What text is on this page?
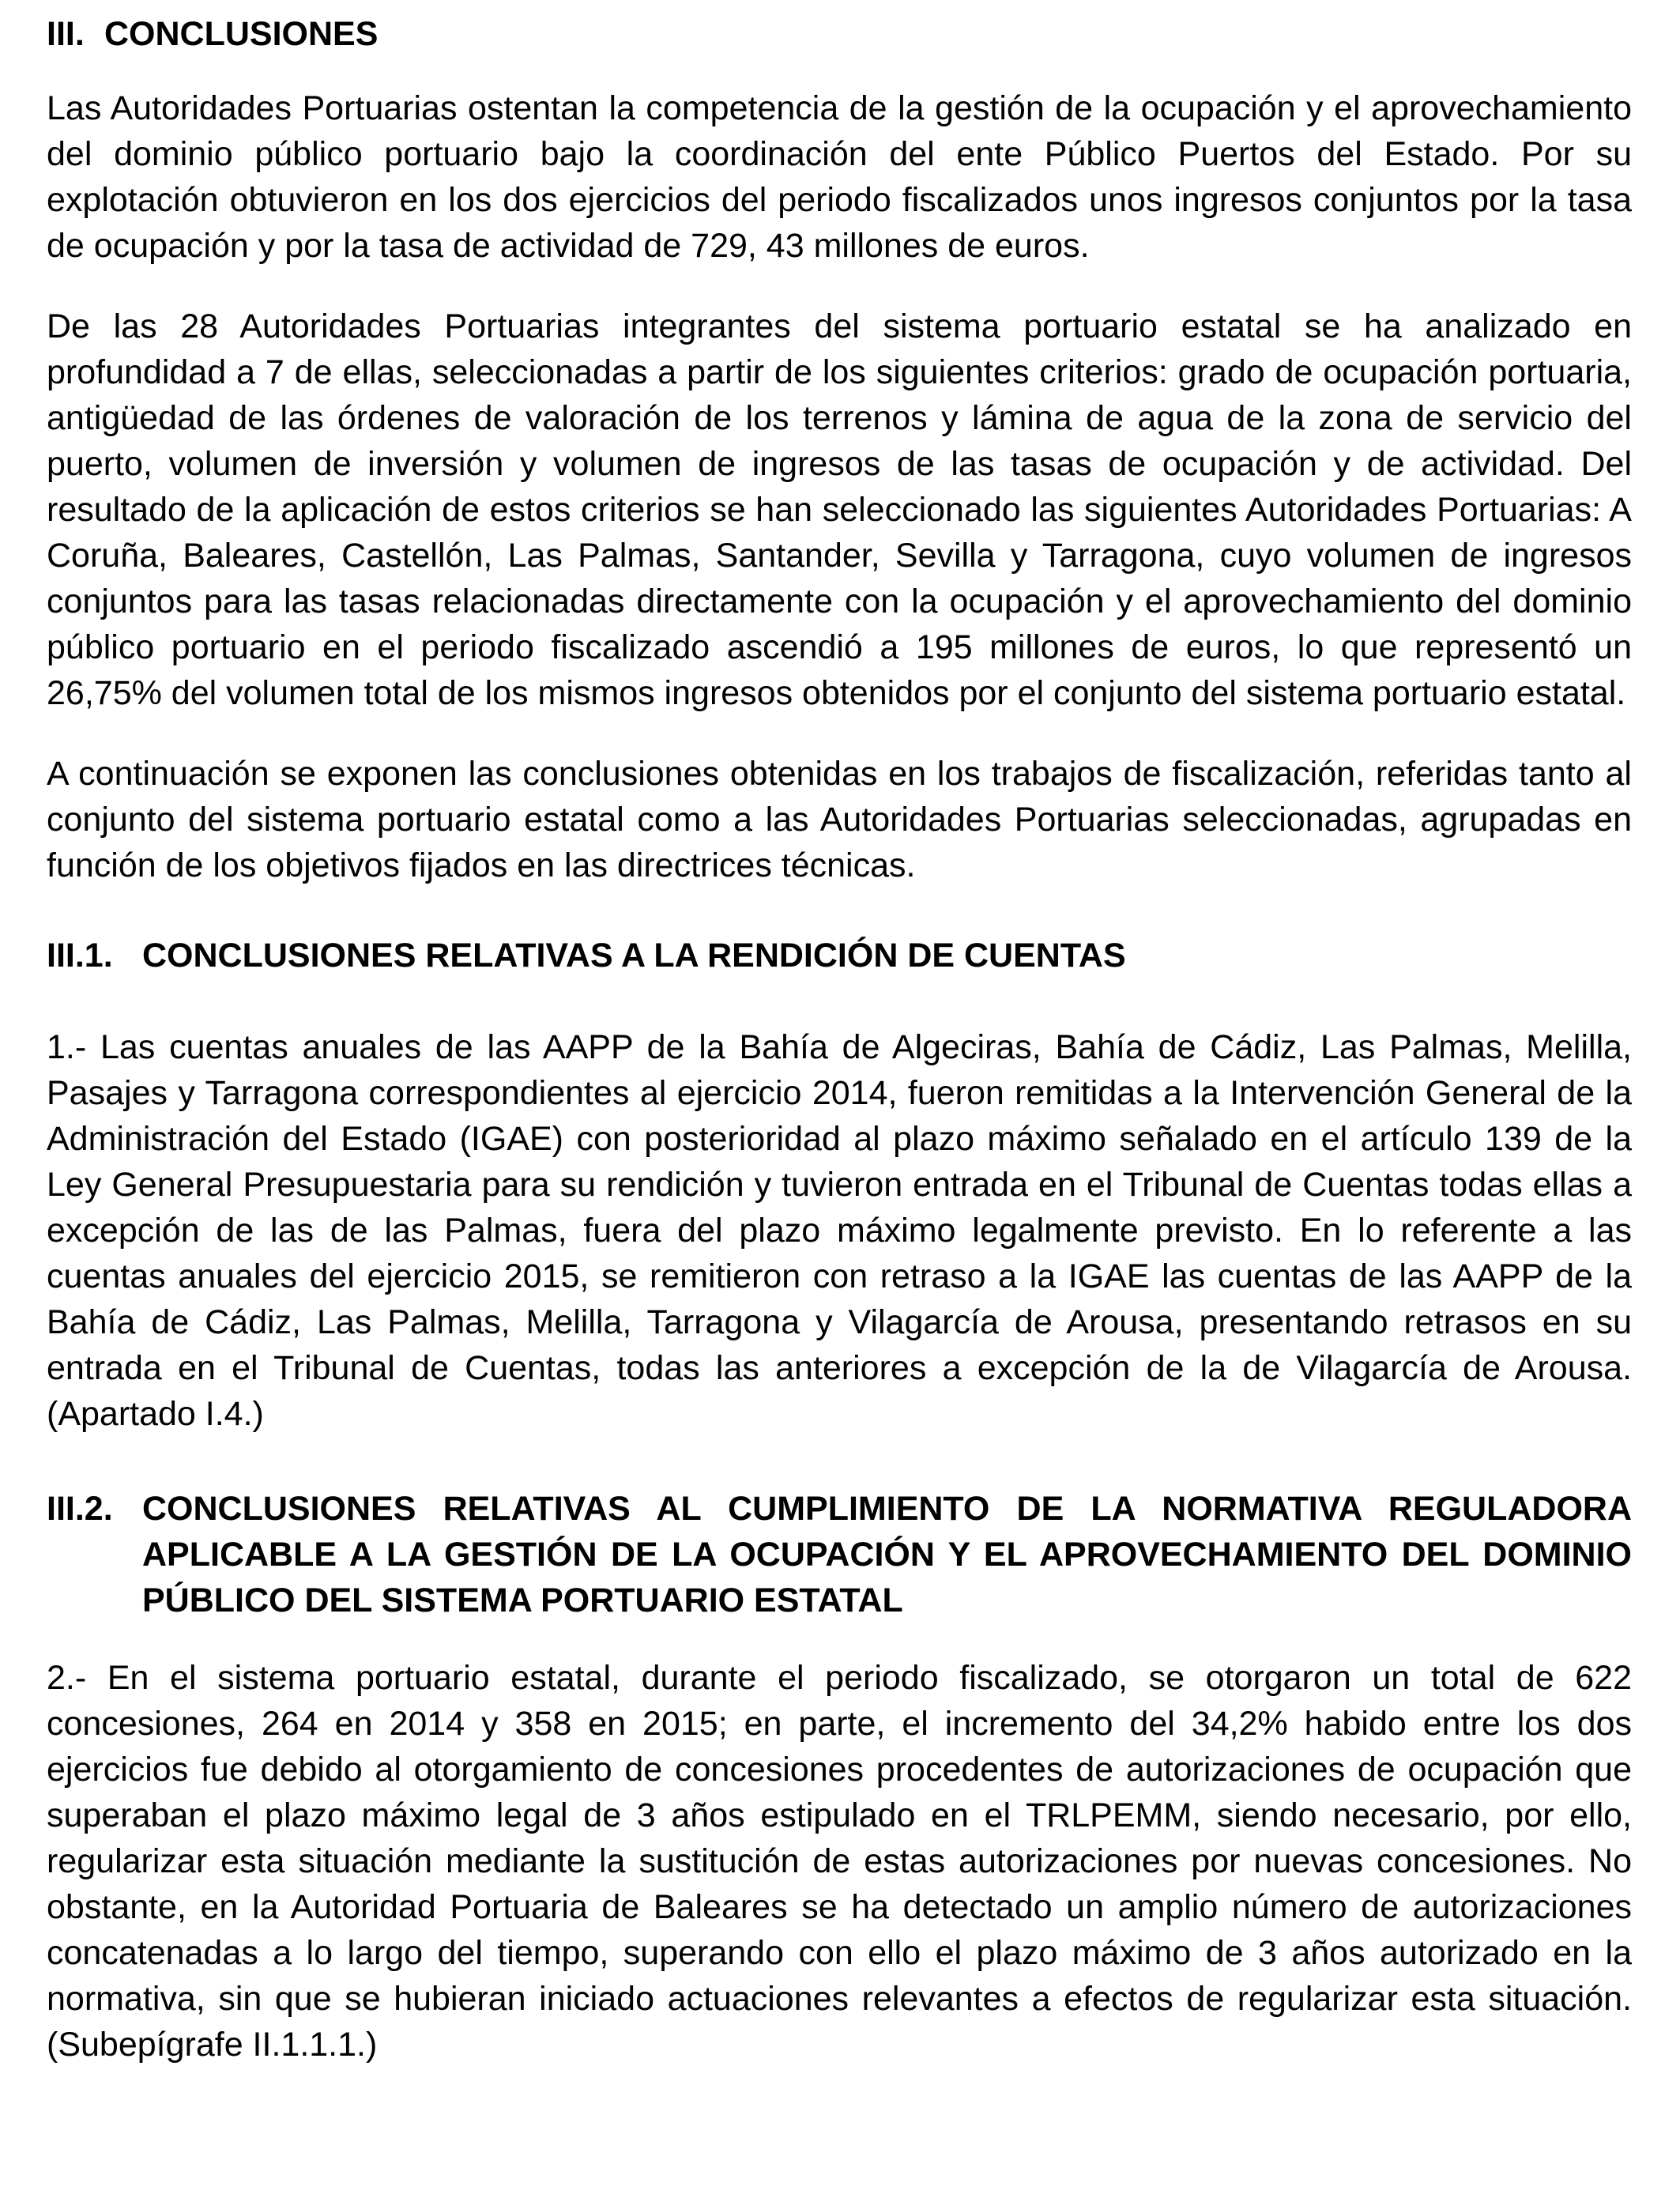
III. CONCLUSIONES
Las Autoridades Portuarias ostentan la competencia de la gestión de la ocupación y el aprovechamiento del dominio público portuario bajo la coordinación del ente Público Puertos del Estado. Por su explotación obtuvieron en los dos ejercicios del periodo fiscalizados unos ingresos conjuntos por la tasa de ocupación y por la tasa de actividad de 729, 43 millones de euros.
De las 28 Autoridades Portuarias integrantes del sistema portuario estatal se ha analizado en profundidad a 7 de ellas, seleccionadas a partir de los siguientes criterios: grado de ocupación portuaria, antigüedad de las órdenes de valoración de los terrenos y lámina de agua de la zona de servicio del puerto, volumen de inversión y volumen de ingresos de las tasas de ocupación y de actividad. Del resultado de la aplicación de estos criterios se han seleccionado las siguientes Autoridades Portuarias: A Coruña, Baleares, Castellón, Las Palmas, Santander, Sevilla y Tarragona, cuyo volumen de ingresos conjuntos para las tasas relacionadas directamente con la ocupación y el aprovechamiento del dominio público portuario en el periodo fiscalizado ascendió a 195 millones de euros, lo que representó un 26,75% del volumen total de los mismos ingresos obtenidos por el conjunto del sistema portuario estatal.
A continuación se exponen las conclusiones obtenidas en los trabajos de fiscalización, referidas tanto al conjunto del sistema portuario estatal como a las Autoridades Portuarias seleccionadas, agrupadas en función de los objetivos fijados en las directrices técnicas.
III.1. CONCLUSIONES RELATIVAS A LA RENDICIÓN DE CUENTAS
1.- Las cuentas anuales de las AAPP de la Bahía de Algeciras, Bahía de Cádiz, Las Palmas, Melilla, Pasajes y Tarragona correspondientes al ejercicio 2014, fueron remitidas a la Intervención General de la Administración del Estado (IGAE) con posterioridad al plazo máximo señalado en el artículo 139 de la Ley General Presupuestaria para su rendición y tuvieron entrada en el Tribunal de Cuentas todas ellas a excepción de las de las Palmas, fuera del plazo máximo legalmente previsto. En lo referente a las cuentas anuales del ejercicio 2015, se remitieron con retraso a la IGAE las cuentas de las AAPP de la Bahía de Cádiz, Las Palmas, Melilla, Tarragona y Vilagarcía de Arousa, presentando retrasos en su entrada en el Tribunal de Cuentas, todas las anteriores a excepción de la de Vilagarcía de Arousa. (Apartado I.4.)
III.2. CONCLUSIONES RELATIVAS AL CUMPLIMIENTO DE LA NORMATIVA REGULADORA APLICABLE A LA GESTIÓN DE LA OCUPACIÓN Y EL APROVECHAMIENTO DEL DOMINIO PÚBLICO DEL SISTEMA PORTUARIO ESTATAL
2.- En el sistema portuario estatal, durante el periodo fiscalizado, se otorgaron un total de 622 concesiones, 264 en 2014 y 358 en 2015; en parte, el incremento del 34,2% habido entre los dos ejercicios fue debido al otorgamiento de concesiones procedentes de autorizaciones de ocupación que superaban el plazo máximo legal de 3 años estipulado en el TRLPEMM, siendo necesario, por ello, regularizar esta situación mediante la sustitución de estas autorizaciones por nuevas concesiones. No obstante, en la Autoridad Portuaria de Baleares se ha detectado un amplio número de autorizaciones concatenadas a lo largo del tiempo, superando con ello el plazo máximo de 3 años autorizado en la normativa, sin que se hubieran iniciado actuaciones relevantes a efectos de regularizar esta situación. (Subepígrafe II.1.1.1.)
